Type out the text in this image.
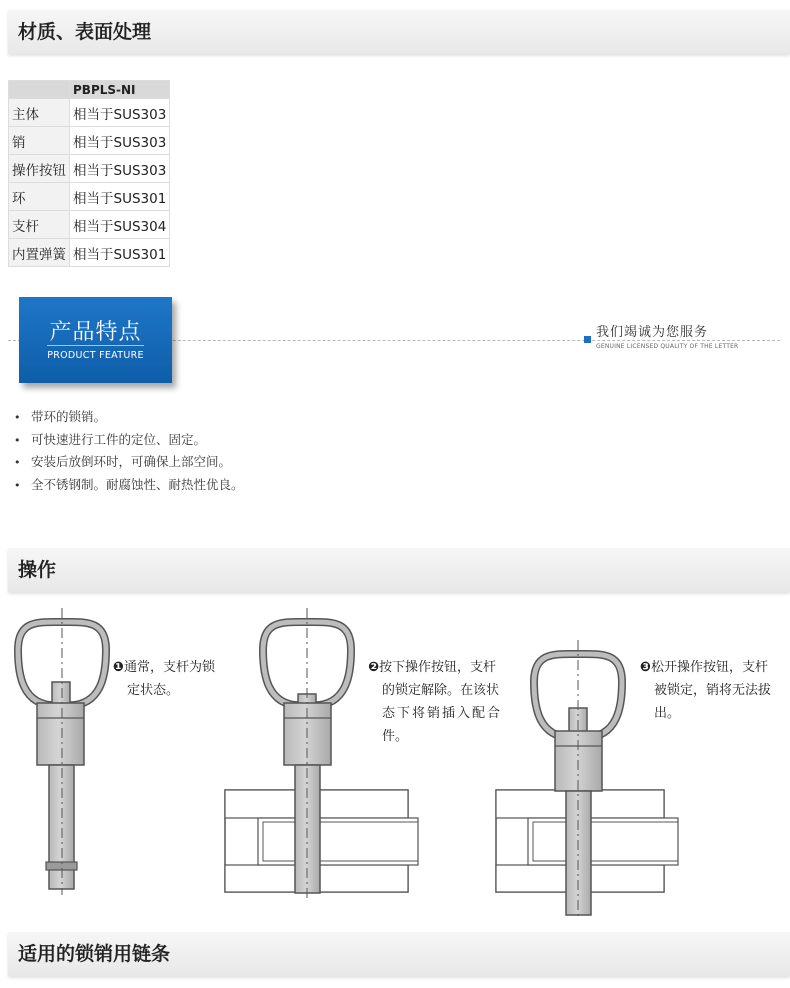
材质、表面处理
	PBPLS-NI
主体	相当于SUS303
销	相当于SUS303
操作按钮	相当于SUS303
环	相当于SUS301
支杆	相当于SUS304
内置弹簧	相当于SUS301
产品特点
PRODUCT FEATURE
我们竭诚为您服务
GENUINE LICENSED QUALITY OF THE LETTER
• 带环的锁销。
• 可快速进行工件的定位、固定。
• 安装后放倒环时，可确保上部空间。
• 全不锈钢制。耐腐蚀性、耐热性优良。
操作
❶通常，支杆为锁
定状态。
❷按下操作按钮，支杆
的锁定解除。在该状
态下将销插入配合
件。
❸松开操作按钮，支杆
被锁定，销将无法拔
出。
适用的锁销用链条
